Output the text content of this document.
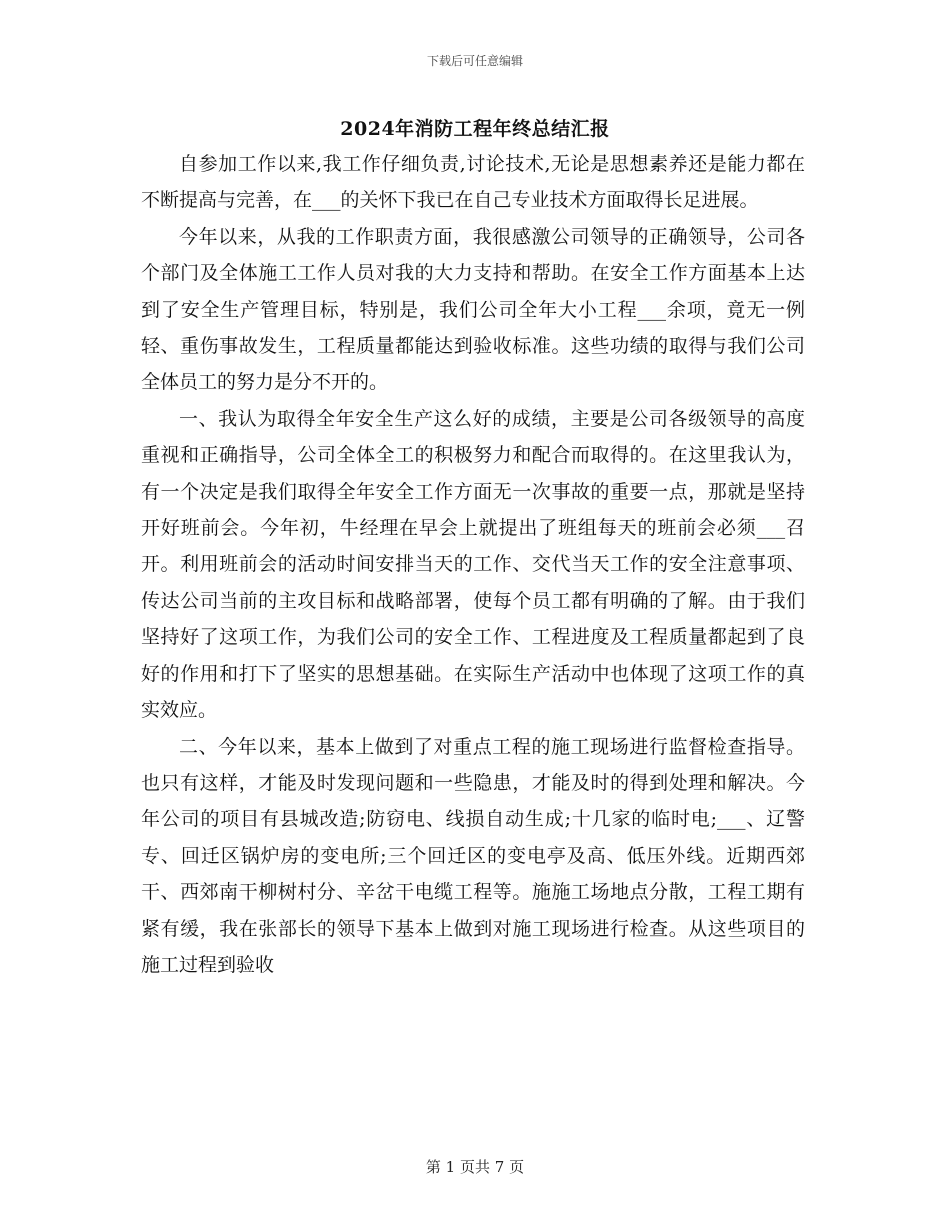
下载后可任意编辑
2024年消防工程年终总结汇报

自参加工作以来,我工作仔细负责,讨论技术,无论是思想素养还是能力都在不断提高与完善，在___的关怀下我已在自己专业技术方面取得长足进展。

今年以来，从我的工作职责方面，我很感激公司领导的正确领导，公司各个部门及全体施工工作人员对我的大力支持和帮助。在安全工作方面基本上达到了安全生产管理目标，特别是，我们公司全年大小工程___余项，竟无一例轻、重伤事故发生，工程质量都能达到验收标准。这些功绩的取得与我们公司全体员工的努力是分不开的。

一、我认为取得全年安全生产这么好的成绩，主要是公司各级领导的高度重视和正确指导，公司全体全工的积极努力和配合而取得的。在这里我认为，有一个决定是我们取得全年安全工作方面无一次事故的重要一点，那就是坚持开好班前会。今年初，牛经理在早会上就提出了班组每天的班前会必须___召开。利用班前会的活动时间安排当天的工作、交代当天工作的安全注意事项、传达公司当前的主攻目标和战略部署，使每个员工都有明确的了解。由于我们坚持好了这项工作，为我们公司的安全工作、工程进度及工程质量都起到了良好的作用和打下了坚实的思想基础。在实际生产活动中也体现了这项工作的真实效应。

二、今年以来，基本上做到了对重点工程的施工现场进行监督检查指导。也只有这样，才能及时发现问题和一些隐患，才能及时的得到处理和解决。今年公司的项目有县城改造;防窃电、线损自动生成;十几家的临时电;___、辽警专、回迁区锅炉房的变电所;三个回迁区的变电亭及高、低压外线。近期西郊干、西郊南干柳树村分、辛岔干电缆工程等。施施工场地点分散，工程工期有紧有缓，我在张部长的领导下基本上做到对施工现场进行检查。从这些项目的施工过程到验收

第 1 页共 7 页
